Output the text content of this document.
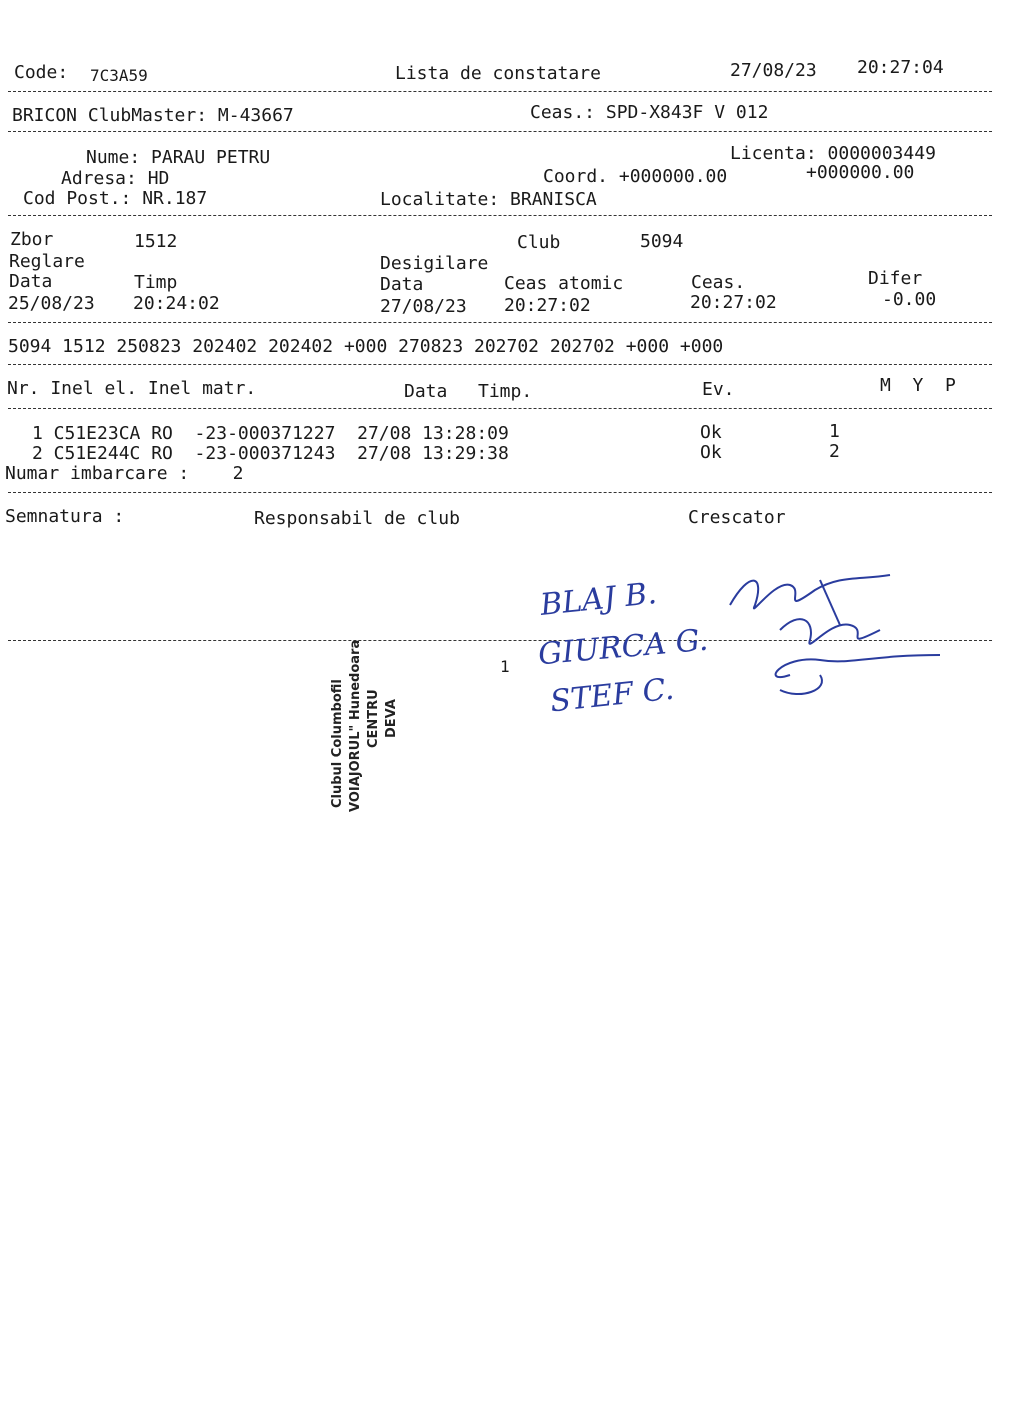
Code: 7C3A59	Lista de constatare	27/08/23 20:27:04
BRICON ClubMaster: M-43667	Ceas.: SPD-X843F V 012
Nume: PARAU PETRU	Licenta: 0000003449
Adresa: HD	Coord. +000000.00	+000000.00
Cod Post.: NR.187	Localitate: BRANISCA
Zbor	1512	Club	5094
Reglare	Desigilare
Data	Timp	Data	Ceas atomic	Ceas.	Difer
25/08/23 20:24:02	27/08/23 20:27:02	20:27:02	-0.00
5094 1512 250823 202402 202402 +000 270823 202702 202702 +000 +000
Nr. Inel el. Inel matr.	Data Timp.	Ev.	M  Y  P
1 C51E23CA RO  -23-000371227  27/08 13:28:09	Ok	1
2 C51E244C RO  -23-000371243  27/08 13:29:38	Ok	2
Numar imbarcare :    2
Semnatura :	Responsabil de club	Crescator
1
Clubul Columbofil VOIAJORUL" Hunedoara CENTRU DEVA
BLAJ B.
GIURCA G.
STEF C.
